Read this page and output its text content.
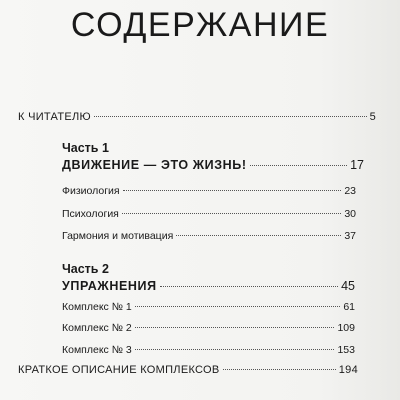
СОДЕРЖАНИЕ
К ЧИТАТЕЛЮ	5
Часть 1
ДВИЖЕНИЕ — ЭТО ЖИЗНЬ!	17
Физиология	23
Психология	30
Гармония и мотивация	37
Часть 2
УПРАЖНЕНИЯ	45
Комплекс № 1	61
Комплекс № 2	109
Комплекс № 3	153
КРАТКОЕ ОПИСАНИЕ КОМПЛЕКСОВ	194
